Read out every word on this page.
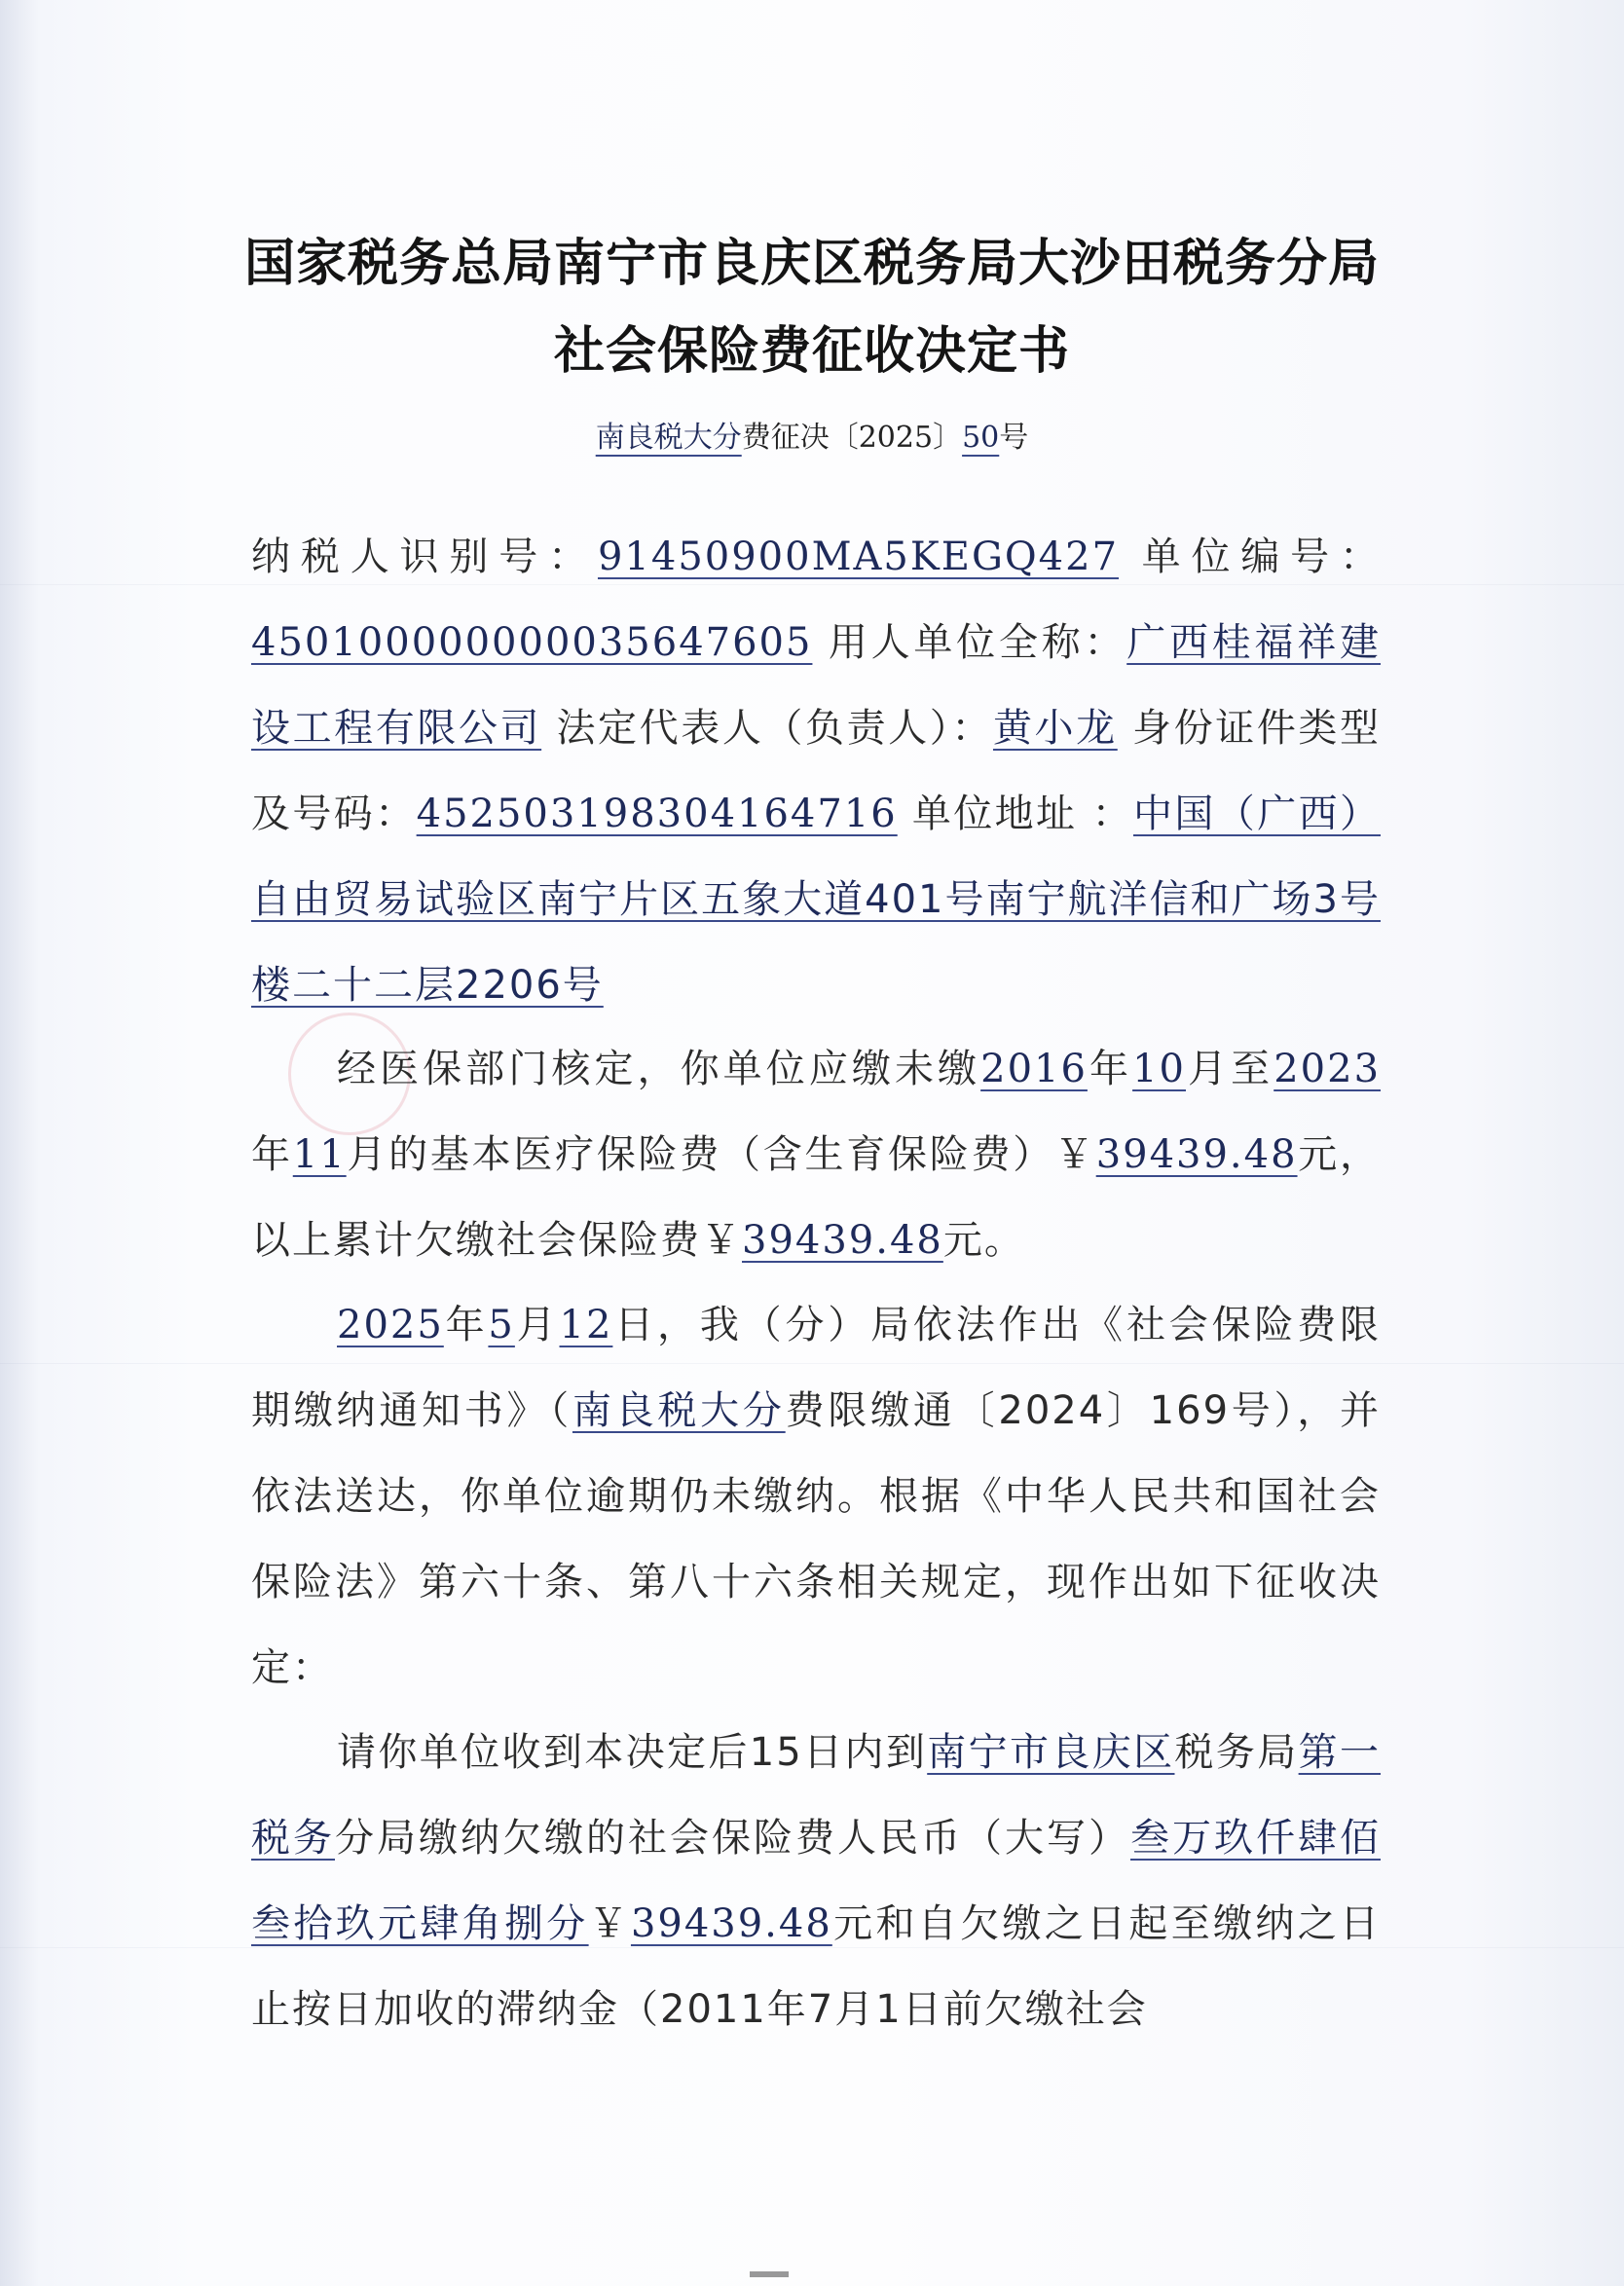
国家税务总局南宁市良庆区税务局大沙田税务分局
社会保险费征收决定书
南良税大分费征决〔2025〕50号
纳税人识别号：91450900MA5KEGQ427 单位编号：450100000000035647605 用人单位全称：广西桂福祥建设工程有限公司 法定代表人（负责人）：黄小龙 身份证件类型及号码：452503198304164716 单位地址 ：中国（广西）自由贸易试验区南宁片区五象大道401号南宁航洋信和广场3号楼二十二层2206号
经医保部门核定，你单位应缴未缴2016年10月至2023年11月的基本医疗保险费（含生育保险费）￥39439.48元，以上累计欠缴社会保险费￥39439.48元。
2025年5月12日，我（分）局依法作出《社会保险费限期缴纳通知书》（南良税大分费限缴通〔2024〕169号），并依法送达，你单位逾期仍未缴纳。根据《中华人民共和国社会保险法》第六十条、第八十六条相关规定，现作出如下征收决定：
请你单位收到本决定后15日内到南宁市良庆区税务局第一税务分局缴纳欠缴的社会保险费人民币（大写）叁万玖仟肆佰叁拾玖元肆角捌分￥39439.48元和自欠缴之日起至缴纳之日止按日加收的滞纳金（2011年7月1日前欠缴社会
